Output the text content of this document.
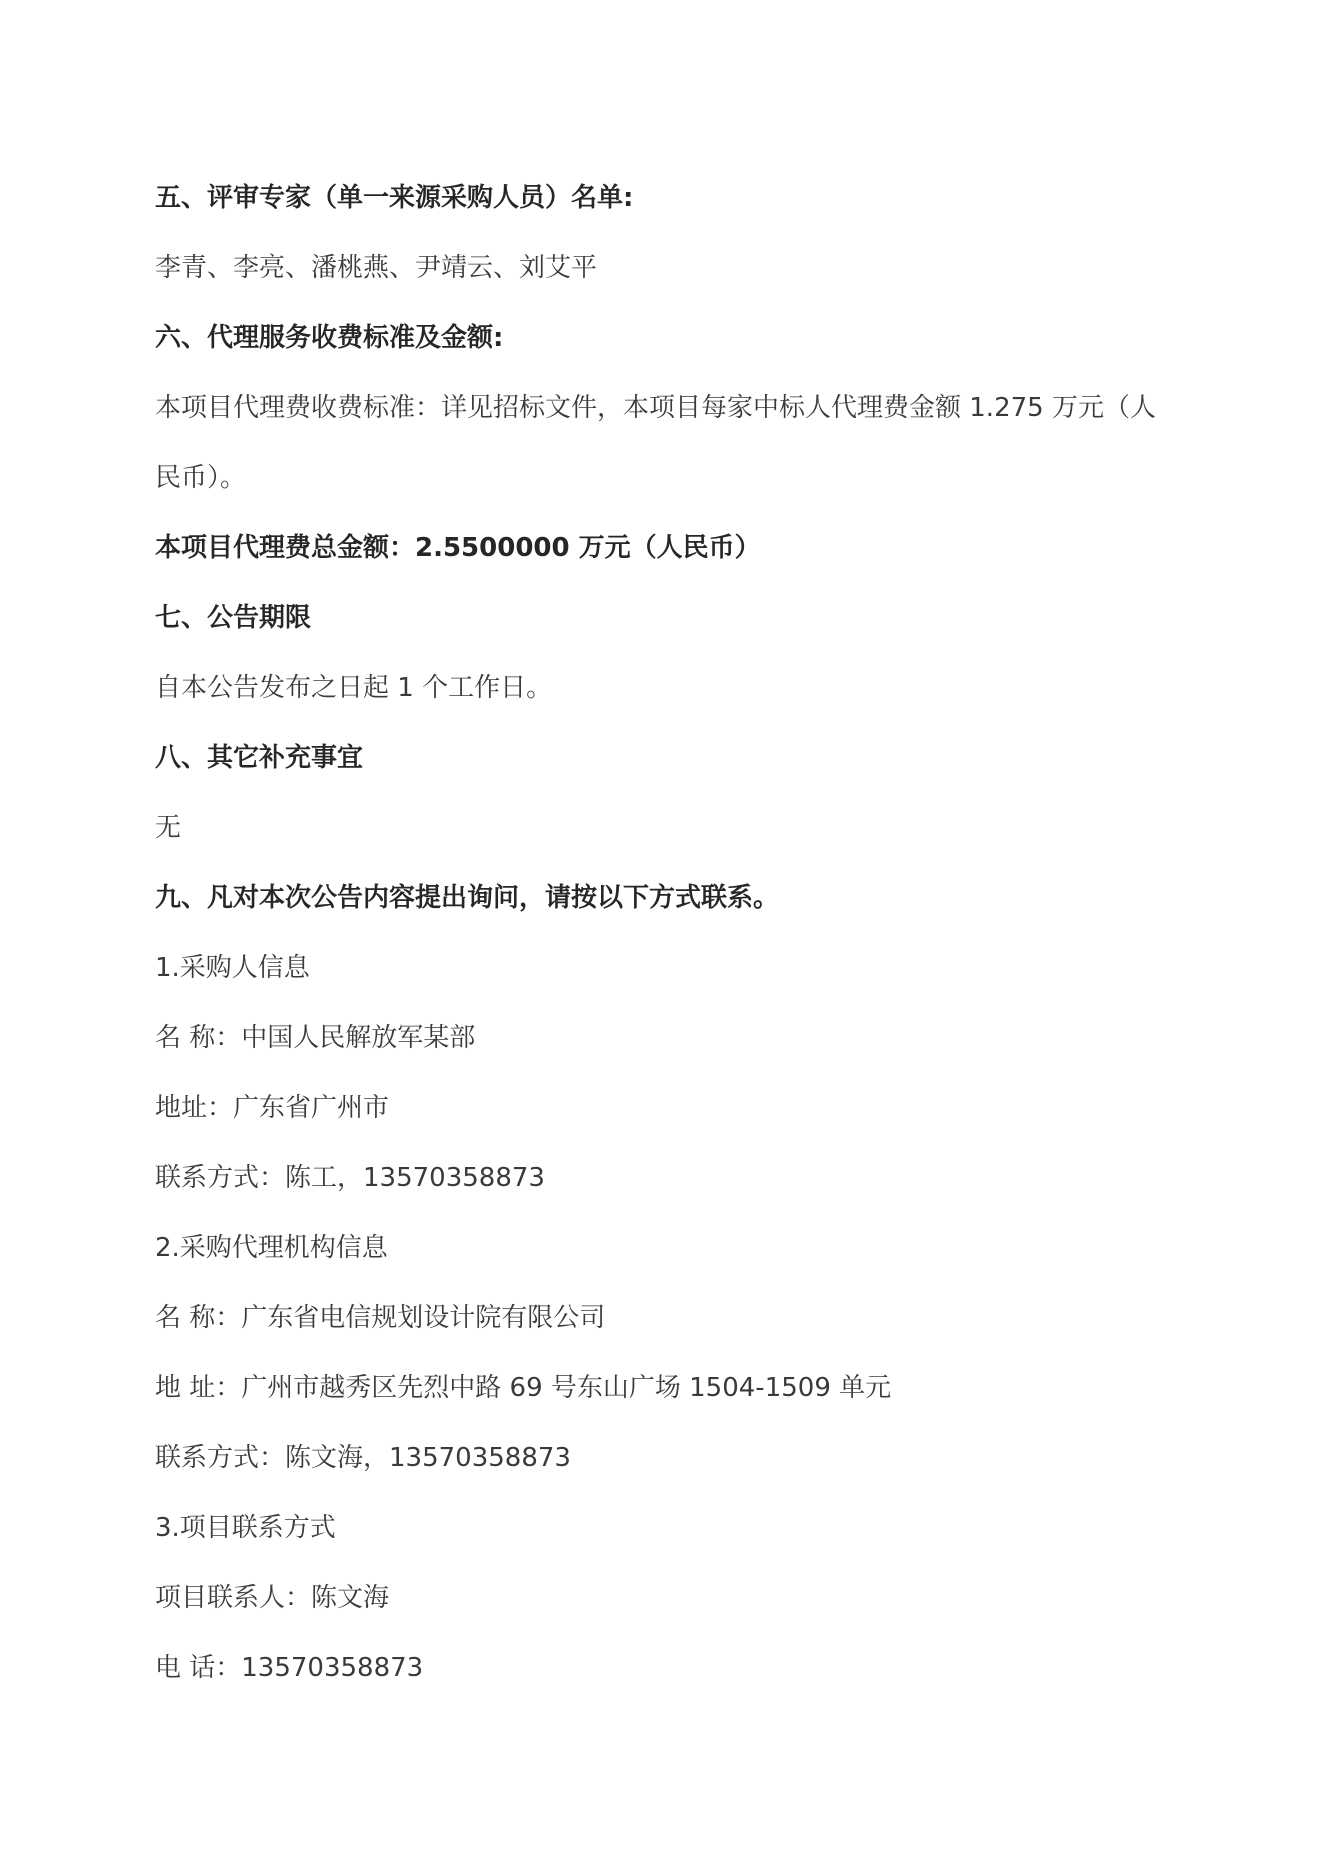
五、评审专家（单一来源采购人员）名单:
李青、李亮、潘桃燕、尹靖云、刘艾平
六、代理服务收费标准及金额:
本项目代理费收费标准：详见招标文件，本项目每家中标人代理费金额 1.275 万元（人
民币）。
本项目代理费总金额：2.5500000 万元（人民币）
七、公告期限
自本公告发布之日起 1 个工作日。
八、其它补充事宜
无
九、凡对本次公告内容提出询问，请按以下方式联系。
1.采购人信息
名 称：中国人民解放军某部
地址：广东省广州市
联系方式：陈工，13570358873
2.采购代理机构信息
名 称：广东省电信规划设计院有限公司
地 址：广州市越秀区先烈中路 69 号东山广场 1504-1509 单元
联系方式：陈文海，13570358873
3.项目联系方式
项目联系人：陈文海
电 话：13570358873
